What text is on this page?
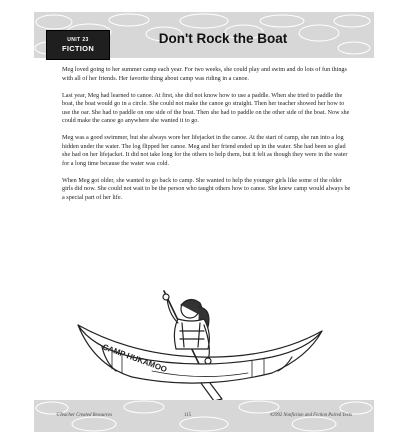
UNIT 23
FICTION
Don't Rock the Boat

Meg loved going to her summer camp each year. For two weeks, she could play and swim and do lots of fun things with all of her friends. Her favorite thing about camp was riding in a canoe.

Last year, Meg had learned to canoe. At first, she did not know how to use a paddle. When she tried to paddle the boat, the boat would go in a circle. She could not make the canoe go straight. Then her teacher showed her how to use the oar. She had to paddle on one side of the boat. Then she had to paddle on the other side of the boat. Now she could make the canoe go anywhere she wanted it to go.

Meg was a good swimmer, but she always wore her lifejacket in the canoe. At the start of camp, she ran into a log hidden under the water. The log flipped her canoe. Meg and her friend ended up in the water. She had been so glad she had on her lifejacket. It did not take long for the others to help them, but it felt as though they were in the water for a long time because the water was cold.

When Meg got older, she wanted to go back to camp. She wanted to help the younger girls like some of the older girls did now. She could not wait to be the person who taught others how to canoe. She knew camp would always be a special part of her life.

CAMP HUKAMOO
©Teacher Created Resources	115	#2992 Nonfiction and Fiction Paired Texts
